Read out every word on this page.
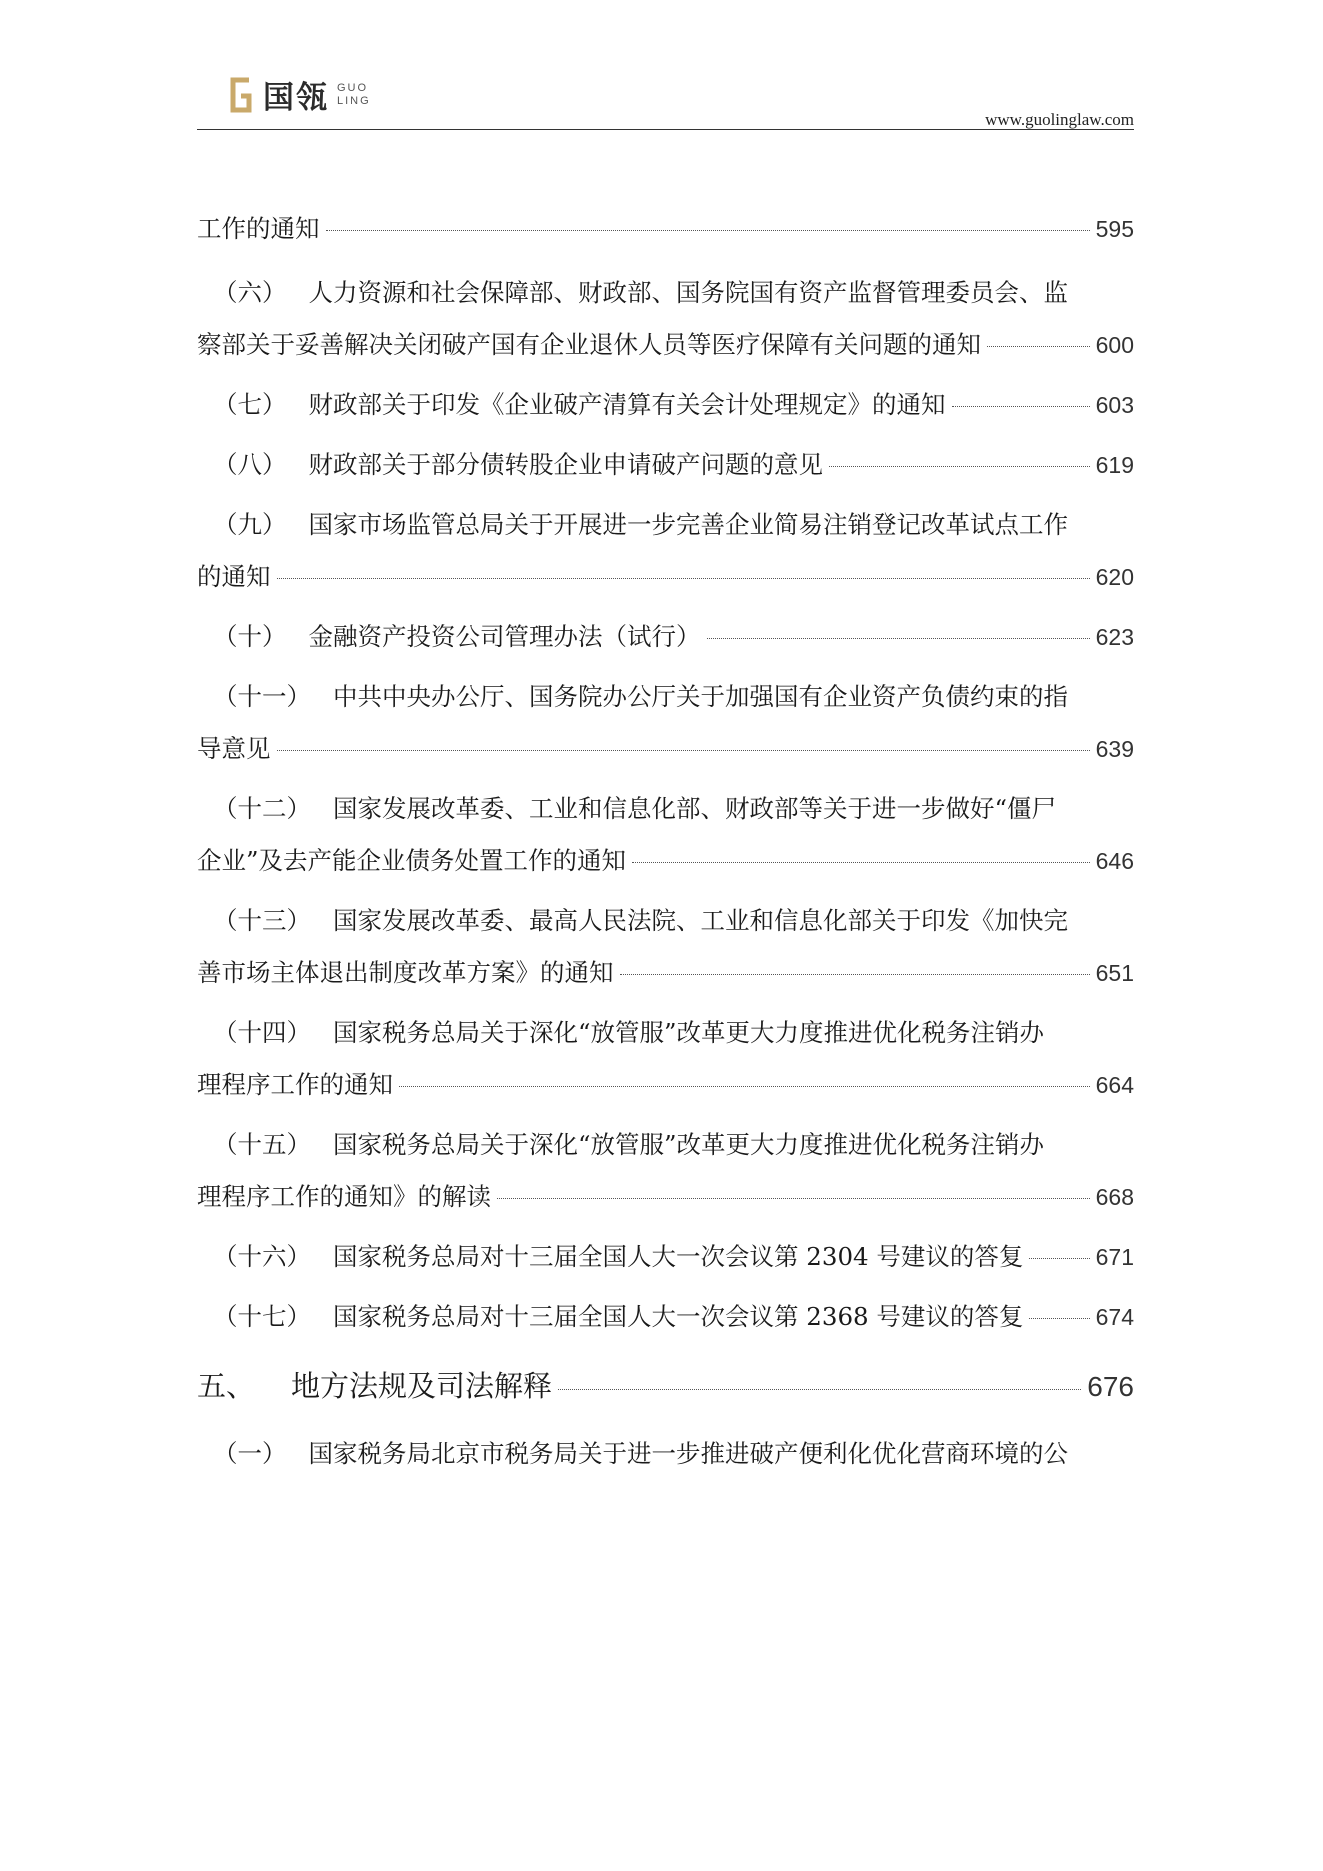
国瓴 GUO
LING
www.guolinglaw.com
工作的通知	595
（六） 人力资源和社会保障部、财政部、国务院国有资产监督管理委员会、监
察部关于妥善解决关闭破产国有企业退休人员等医疗保障有关问题的通知	600
（七） 财政部关于印发《企业破产清算有关会计处理规定》的通知	603
（八） 财政部关于部分债转股企业申请破产问题的意见	619
（九） 国家市场监管总局关于开展进一步完善企业简易注销登记改革试点工作
的通知	620
（十） 金融资产投资公司管理办法（试行）	623
（十一） 中共中央办公厅、国务院办公厅关于加强国有企业资产负债约束的指
导意见	639
（十二） 国家发展改革委、工业和信息化部、财政部等关于进一步做好“僵尸
企业”及去产能企业债务处置工作的通知	646
（十三） 国家发展改革委、最高人民法院、工业和信息化部关于印发《加快完
善市场主体退出制度改革方案》的通知	651
（十四） 国家税务总局关于深化“放管服”改革更大力度推进优化税务注销办
理程序工作的通知	664
（十五） 国家税务总局关于深化“放管服”改革更大力度推进优化税务注销办
理程序工作的通知》的解读	668
（十六） 国家税务总局对十三届全国人大一次会议第 2304 号建议的答复	671
（十七） 国家税务总局对十三届全国人大一次会议第 2368 号建议的答复	674
五、 地方法规及司法解释	676
（一） 国家税务局北京市税务局关于进一步推进破产便利化优化营商环境的公
